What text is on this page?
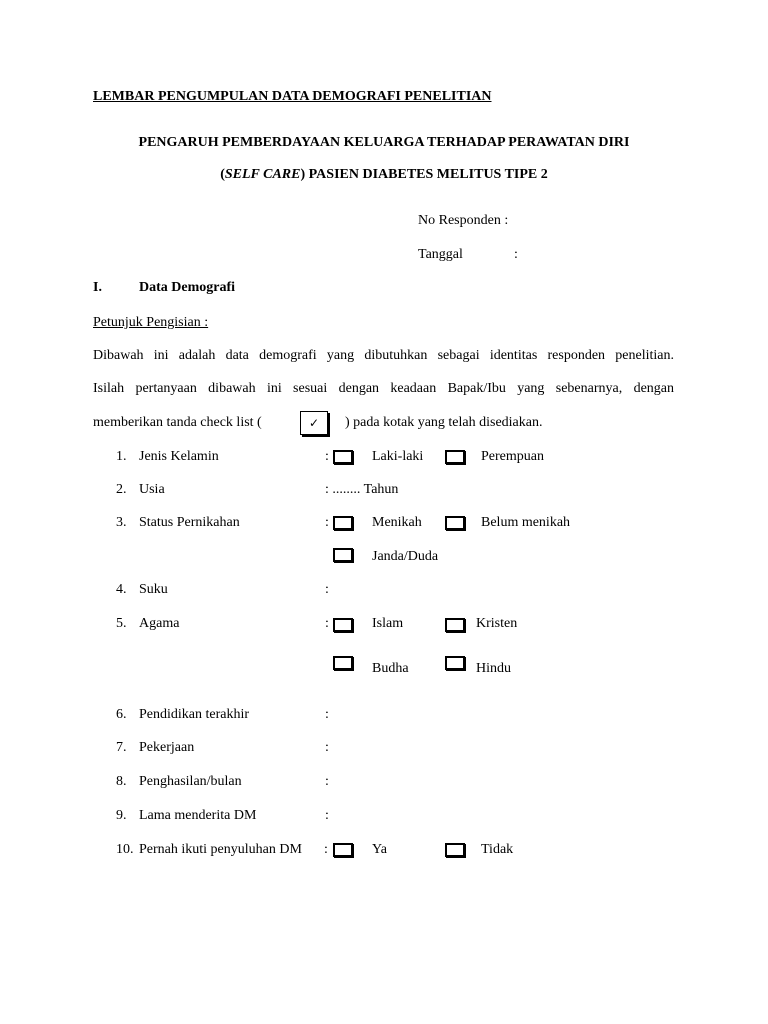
LEMBAR PENGUMPULAN DATA DEMOGRAFI PENELITIAN
PENGARUH PEMBERDAYAAN KELUARGA TERHADAP PERAWATAN DIRI
(SELF CARE) PASIEN DIABETES MELITUS TIPE 2
No Responden :
Tanggal	:
I.	Data Demografi
Petunjuk Pengisian :
Dibawah ini adalah data demografi yang dibutuhkan sebagai identitas responden penelitian.
Isilah pertanyaan dibawah ini sesuai dengan keadaan Bapak/Ibu yang sebenarnya, dengan
memberikan tanda check list (	✓ ) pada kotak yang telah disediakan.
1. Jenis Kelamin	:	Laki-laki	Perempuan
2. Usia	: ........ Tahun
3. Status Pernikahan	:	Menikah	Belum menikah
Janda/Duda
4. Suku	:
5. Agama	:	Islam	Kristen
Budha	Hindu
6. Pendidikan terakhir	:
7. Pekerjaan	:
8. Penghasilan/bulan	:
9. Lama menderita DM	:
10. Pernah ikuti penyuluhan DM :	Ya	Tidak
